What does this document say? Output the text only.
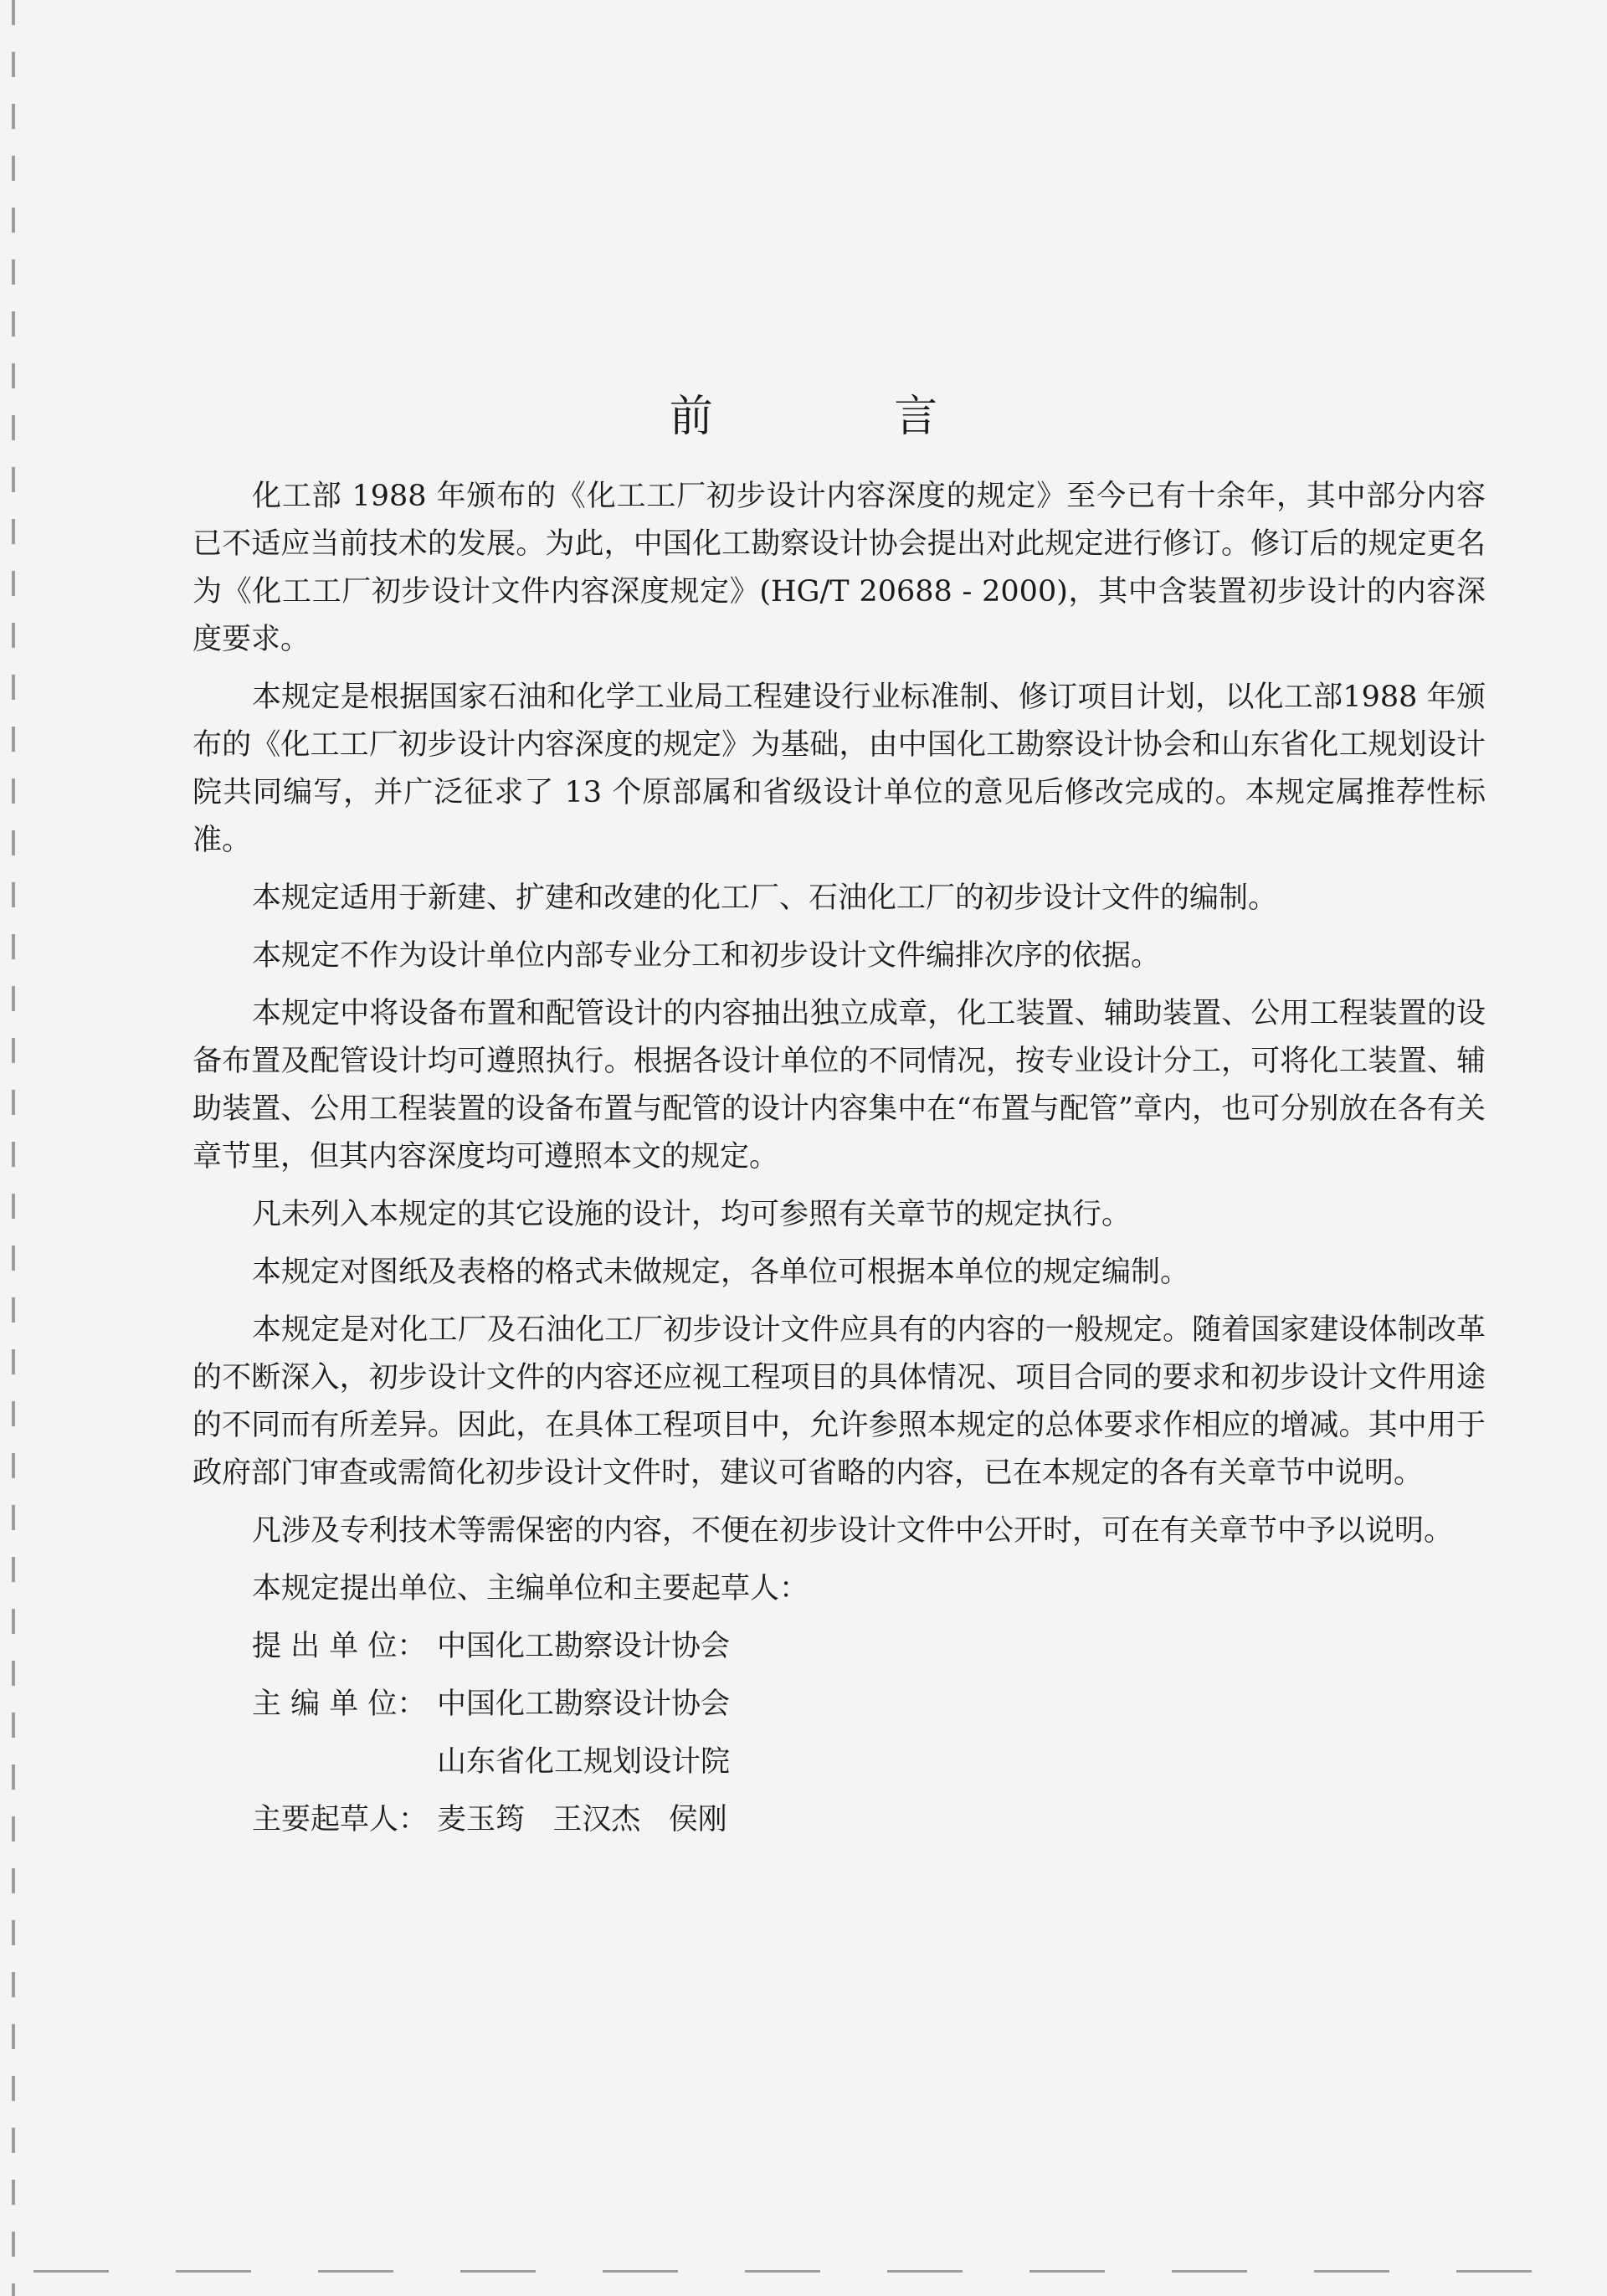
前 言

化工部 1988 年颁布的《化工工厂初步设计内容深度的规定》至今已有十余年，其中部分内容已不适应当前技术的发展。为此，中国化工勘察设计协会提出对此规定进行修订。修订后的规定更名为《化工工厂初步设计文件内容深度规定》(HG/T 20688 - 2000)，其中含装置初步设计的内容深度要求。

本规定是根据国家石油和化学工业局工程建设行业标准制、修订项目计划，以化工部1988 年颁布的《化工工厂初步设计内容深度的规定》为基础，由中国化工勘察设计协会和山东省化工规划设计院共同编写，并广泛征求了 13 个原部属和省级设计单位的意见后修改完成的。本规定属推荐性标准。

本规定适用于新建、扩建和改建的化工厂、石油化工厂的初步设计文件的编制。

本规定不作为设计单位内部专业分工和初步设计文件编排次序的依据。

本规定中将设备布置和配管设计的内容抽出独立成章，化工装置、辅助装置、公用工程装置的设备布置及配管设计均可遵照执行。根据各设计单位的不同情况，按专业设计分工，可将化工装置、辅助装置、公用工程装置的设备布置与配管的设计内容集中在“布置与配管”章内，也可分别放在各有关章节里，但其内容深度均可遵照本文的规定。

凡未列入本规定的其它设施的设计，均可参照有关章节的规定执行。

本规定对图纸及表格的格式未做规定，各单位可根据本单位的规定编制。

本规定是对化工厂及石油化工厂初步设计文件应具有的内容的一般规定。随着国家建设体制改革的不断深入，初步设计文件的内容还应视工程项目的具体情况、项目合同的要求和初步设计文件用途的不同而有所差异。因此，在具体工程项目中，允许参照本规定的总体要求作相应的增减。其中用于政府部门审查或需简化初步设计文件时，建议可省略的内容，已在本规定的各有关章节中说明。

凡涉及专利技术等需保密的内容，不便在初步设计文件中公开时，可在有关章节中予以说明。

本规定提出单位、主编单位和主要起草人：

提 出 单 位： 中国化工勘察设计协会
主 编 单 位： 中国化工勘察设计协会
山东省化工规划设计院
主要起草人： 麦玉筠   王汉杰   侯刚
